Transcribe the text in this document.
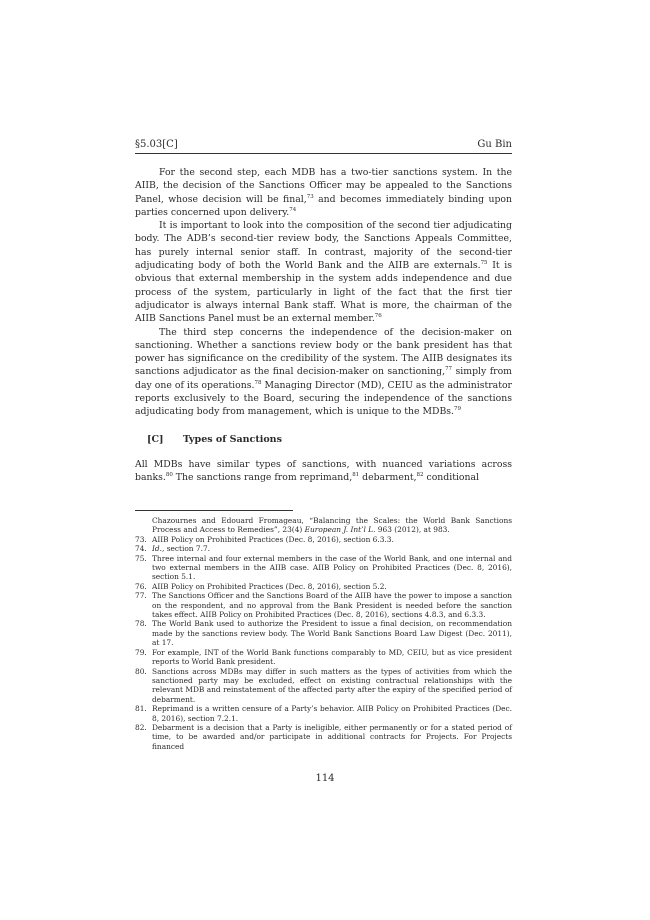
§5.03[C]	Gu Bin

For the second step, each MDB has a two-tier sanctions system. In the AIIB, the decision of the Sanctions Officer may be appealed to the Sanctions Panel, whose decision will be final,$^{73}$ and becomes immediately binding upon parties concerned upon delivery.$^{74}$

It is important to look into the composition of the second tier adjudicating body. The ADB’s second-tier review body, the Sanctions Appeals Committee, has purely internal senior staff. In contrast, majority of the second-tier adjudicating body of both the World Bank and the AIIB are externals.$^{75}$ It is obvious that external membership in the system adds independence and due process of the system, particularly in light of the fact that the first tier adjudicator is always internal Bank staff. What is more, the chairman of the AIIB Sanctions Panel must be an external member.$^{76}$

The third step concerns the independence of the decision-maker on sanctioning. Whether a sanctions review body or the bank president has that power has significance on the credibility of the system. The AIIB designates its sanctions adjudicator as the final decision-maker on sanctioning,$^{77}$ simply from day one of its operations.$^{78}$ Managing Director (MD), CEIU as the administrator reports exclusively to the Board, securing the independence of the sanctions adjudicating body from management, which is unique to the MDBs.$^{79}$

[C]	Types of Sanctions

All MDBs have similar types of sanctions, with nuanced variations across banks.$^{80}$ The sanctions range from reprimand,$^{81}$ debarment,$^{82}$ conditional

Chazournes and Edouard Fromageau, “Balancing the Scales: the World Bank Sanctions Process and Access to Remedies”, 23(4) European J. Int’l L. 963 (2012), at 983.
73. AIIB Policy on Prohibited Practices (Dec. 8, 2016), section 6.3.3.
74. Id., section 7.7.
75. Three internal and four external members in the case of the World Bank, and one internal and two external members in the AIIB case. AIIB Policy on Prohibited Practices (Dec. 8, 2016), section 5.1.
76. AIIB Policy on Prohibited Practices (Dec. 8, 2016), section 5.2.
77. The Sanctions Officer and the Sanctions Board of the AIIB have the power to impose a sanction on the respondent, and no approval from the Bank President is needed before the sanction takes effect. AIIB Policy on Prohibited Practices (Dec. 8, 2016), sections 4.8.3, and 6.3.3.
78. The World Bank used to authorize the President to issue a final decision, on recommendation made by the sanctions review body. The World Bank Sanctions Board Law Digest (Dec. 2011), at 17.
79. For example, INT of the World Bank functions comparably to MD, CEIU, but as vice president reports to World Bank president.
80. Sanctions across MDBs may differ in such matters as the types of activities from which the sanctioned party may be excluded, effect on existing contractual relationships with the relevant MDB and reinstatement of the affected party after the expiry of the specified period of debarment.
81. Reprimand is a written censure of a Party’s behavior. AIIB Policy on Prohibited Practices (Dec. 8, 2016), section 7.2.1.
82. Debarment is a decision that a Party is ineligible, either permanently or for a stated period of time, to be awarded and/or participate in additional contracts for Projects. For Projects financed
114
